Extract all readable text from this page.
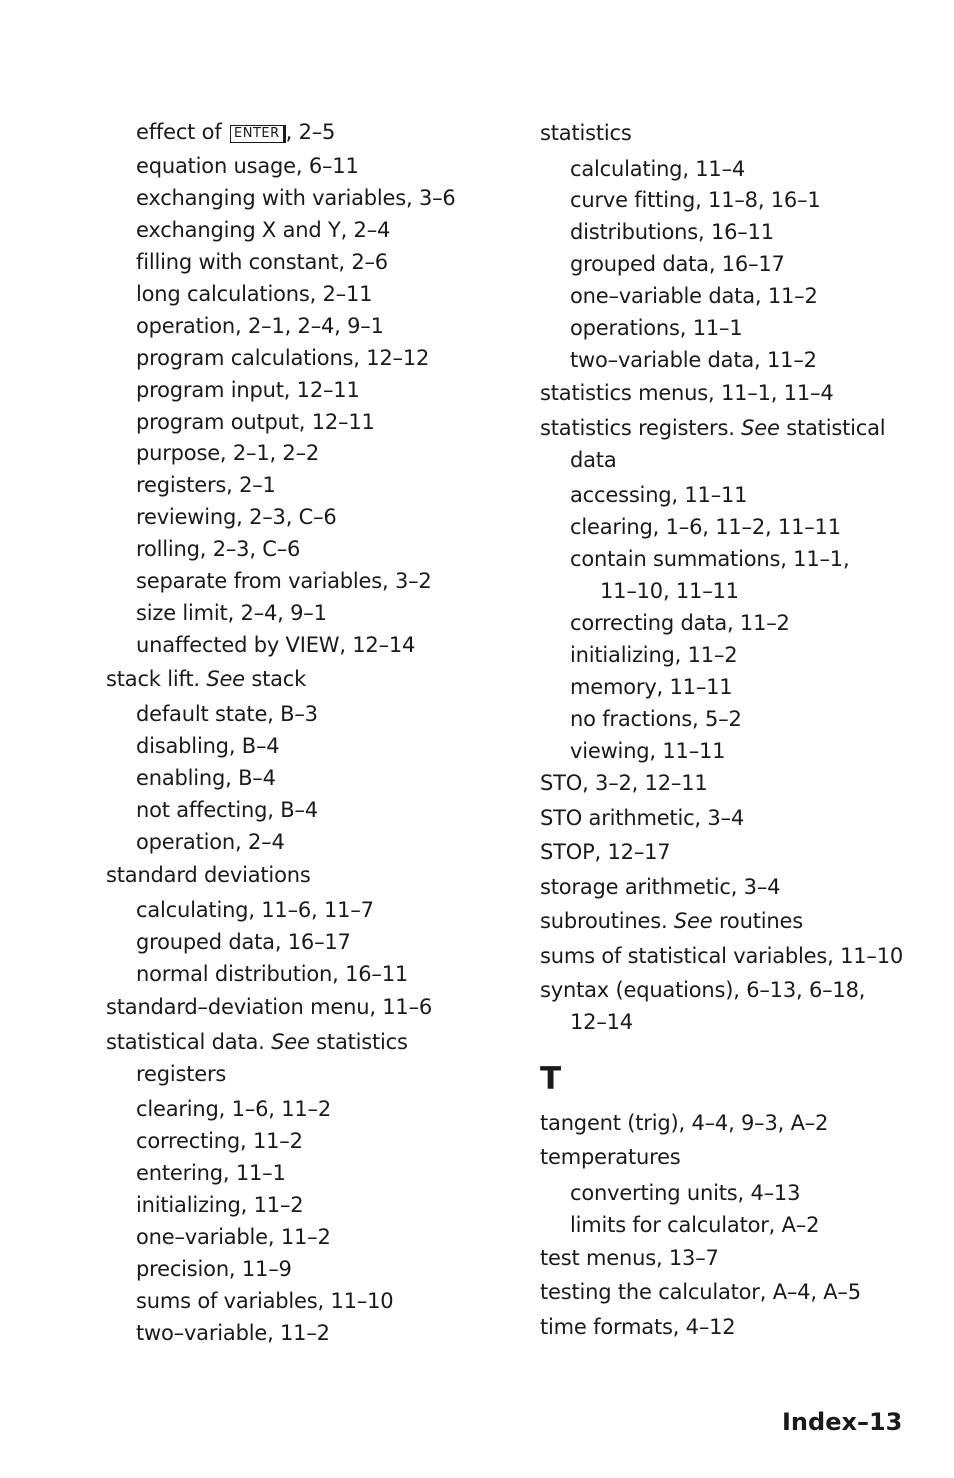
effect of ENTER , 2–5
equation usage, 6–11
exchanging with variables, 3–6
exchanging X and Y, 2–4
filling with constant, 2–6
long calculations, 2–11
operation, 2–1, 2–4, 9–1
program calculations, 12–12
program input, 12–11
program output, 12–11
purpose, 2–1, 2–2
registers, 2–1
reviewing, 2–3, C–6
rolling, 2–3, C–6
separate from variables, 3–2
size limit, 2–4, 9–1
unaffected by VIEW, 12–14
stack lift. See stack
default state, B–3
disabling, B–4
enabling, B–4
not affecting, B–4
operation, 2–4
standard deviations
calculating, 11–6, 11–7
grouped data, 16–17
normal distribution, 16–11
standard–deviation menu, 11–6
statistical data. See statistics
registers
clearing, 1–6, 11–2
correcting, 11–2
entering, 11–1
initializing, 11–2
one–variable, 11–2
precision, 11–9
sums of variables, 11–10
two–variable, 11–2
statistics
calculating, 11–4
curve fitting, 11–8, 16–1
distributions, 16–11
grouped data, 16–17
one–variable data, 11–2
operations, 11–1
two–variable data, 11–2
statistics menus, 11–1, 11–4
statistics registers. See statistical
data
accessing, 11–11
clearing, 1–6, 11–2, 11–11
contain summations, 11–1,
11–10, 11–11
correcting data, 11–2
initializing, 11–2
memory, 11–11
no fractions, 5–2
viewing, 11–11
STO, 3–2, 12–11
STO arithmetic, 3–4
STOP, 12–17
storage arithmetic, 3–4
subroutines. See routines
sums of statistical variables, 11–10
syntax (equations), 6–13, 6–18,
12–14
T
tangent (trig), 4–4, 9–3, A–2
temperatures
converting units, 4–13
limits for calculator, A–2
test menus, 13–7
testing the calculator, A–4, A–5
time formats, 4–12
Index–13
